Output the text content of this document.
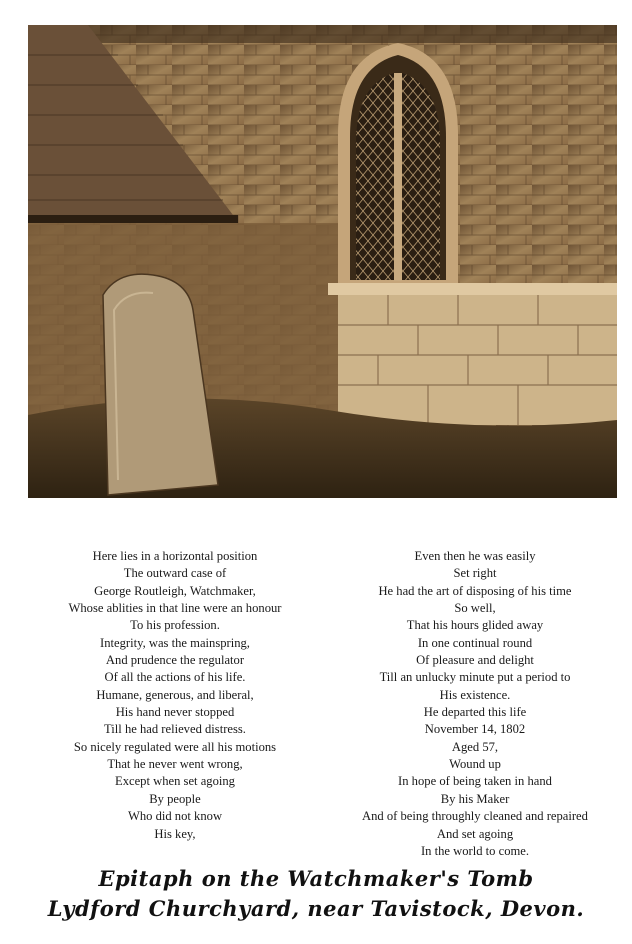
Here lies in a horizontal position
The outward case of
George Routleigh, Watchmaker,
Whose ablities in that line were an honour
To his profession.
Integrity, was the mainspring,
And prudence the regulator
Of all the actions of his life.
Humane, generous, and liberal,
His hand never stopped
Till he had relieved distress.
So nicely regulated were all his motions
That he never went wrong,
Except when set agoing
By people
Who did not know
His key,
Even then he was easily
Set right
He had the art of disposing of his time
So well,
That his hours glided away
In one continual round
Of pleasure and delight
Till an unlucky minute put a period to
His existence.
He departed this life
November 14, 1802
Aged 57,
Wound up
In hope of being taken in hand
By his Maker
And of being throughly cleaned and repaired
And set agoing
In the world to come.
Epitaph on the Watchmaker's Tomb
Lydford Churchyard, near Tavistock, Devon.
